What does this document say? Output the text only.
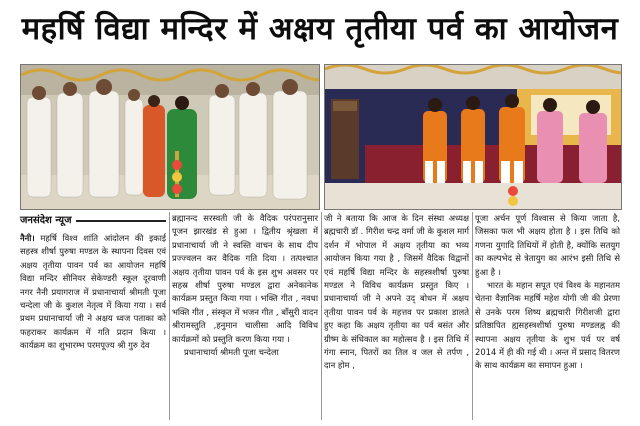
महर्षि विद्या मन्दिर में अक्षय तृतीया पर्व का आयोजन
जनसंदेश न्यूज

नैनी। महर्षि विश्व शांति आंदोलन की इकाई सहस्त्र शीर्षा पुरुषा मण्डल के स्थापना दिवस एवं अक्षय तृतीया पावन पर्व का आयोजन महर्षि विद्या मन्दिर सीनियर सेकेण्डरी स्कूल दूरवाणी नगर नैनी प्रयागराज में प्रधानाचार्या श्रीमती पूजा चन्देला जी के कुशल नेतृत्व में किया गया । सर्व प्रथम प्रधानाचार्या जी ने अक्षय ध्वज पताका को फहराकर कार्यक्रम में गति प्रदान किया । कार्यक्रम का शुभारम्भ परमपूज्य श्री गुरु देव

ब्रह्मानन्द सरस्वती जी के वैदिक परंपरानुसार पूजन झारखंड से हुआ । द्वितीय श्रृंखला में प्रधानाचार्या जी ने स्वस्ति वाचन के साथ दीप प्रज्ज्वलन कर वैदिक गति दिया । तत्पश्चात अक्षय तृतीया पावन पर्व के इस शुभ अवसर पर सहस्र शीर्षा पुरुषा मण्डल द्वारा अनेकानेक कार्यक्रम प्रस्तुत किया गया । भक्ति गीत , नवधा भक्ति गीत , संस्कृत में भजन गीत , बाँसुरी वादन श्रीरामस्तुति ,हनुमान चालीसा आदि विविध कार्यक्रमों को प्रस्तुति करण किया गया ।

प्रधानाचार्या श्रीमती पूजा चन्देला

जी ने बताया कि आज के दिन संस्था अध्यक्ष ब्रह्मचारी डॉ . गिरीश चन्द्र वर्मा जी के कुशल मार्ग दर्शन में भोपाल में अक्षय तृतीया का भव्य आयोजन किया गया है , जिसमें वैदिक विद्वानों एवं महर्षि विद्या मन्दिर के सहस्त्रशीर्षा पुरुषा मण्डल ने विविध कार्यक्रम प्रस्तुत किए । प्रधानाचार्या जी ने अपने उद् बोधन में अक्षय तृतीया पावन पर्व के महत्तव पर प्रकाश डालते हुए कहा कि अक्षय तृतीया का पर्व बसंत और ग्रीष्म के संधिकाल का महोत्सव है । इस तिथि में गंगा स्नान, पितरों का तिल व जल से तर्पण , दान होम ,

पूजा अर्चन पूर्ण विश्वास से किया जाता है, जिसका फल भी अक्षय होता है । इस तिथि को गणना युगादि तिथियों में होती है, क्योंकि सतयुग का कल्पभेद से त्रेतायुग का आरंभ इसी तिथि से हुआ है ।

भारत के महान सपूत एवं विश्व के महानतम चेतना वैज्ञानिक महर्षि महेश योगी जी की प्रेरणा से उनके परम शिष्य ब्रह्मचारी गिरीशजी द्वारा प्रतिष्ठापित ह्यसहस्त्रशीर्षा पुरुषा मण्डलह्न की स्थापना अक्षय तृतीया के शुभ पर्व पर वर्ष 2014 में ही की गई थी । अन्त में प्रसाद वितरण के साथ कार्यक्रम का समापन हुआ ।
